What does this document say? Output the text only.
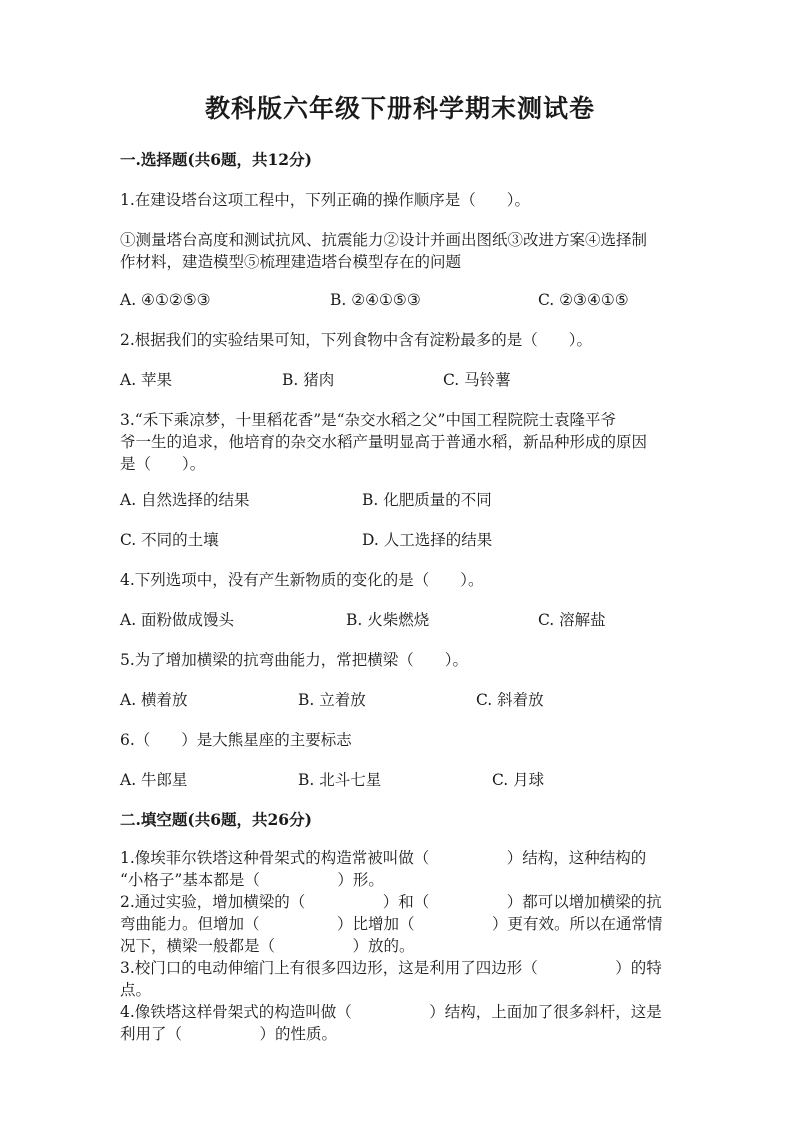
教科版六年级下册科学期末测试卷
一.选择题(共6题，共12分)
1.在建设塔台这项工程中，下列正确的操作顺序是（　　）。
①测量塔台高度和测试抗风、抗震能力②设计并画出图纸③改进方案④选择制
作材料，建造模型⑤梳理建造塔台模型存在的问题
A. ④①②⑤③	B. ②④①⑤③	C. ②③④①⑤
2.根据我们的实验结果可知，下列食物中含有淀粉最多的是（　　）。
A. 苹果	B. 猪肉	C. 马铃薯
3.“禾下乘凉梦，十里稻花香”是“杂交水稻之父”中国工程院院士袁隆平爷
爷一生的追求，他培育的杂交水稻产量明显高于普通水稻，新品种形成的原因
是（　　）。
A. 自然选择的结果	B. 化肥质量的不同
C. 不同的土壤	D. 人工选择的结果
4.下列选项中，没有产生新物质的变化的是（　　）。
A. 面粉做成馒头	B. 火柴燃烧	C. 溶解盐
5.为了增加横梁的抗弯曲能力，常把横梁（　　）。
A. 横着放	B. 立着放	C. 斜着放
6.（　　）是大熊星座的主要标志
A. 牛郎星	B. 北斗七星	C. 月球
二.填空题(共6题，共26分)
1.像埃菲尔铁塔这种骨架式的构造常被叫做（　　　　　）结构，这种结构的
“小格子”基本都是（　　　　　）形。
2.通过实验，增加横梁的（　　　　　）和（　　　　　）都可以增加横梁的抗
弯曲能力。但增加（　　　　　）比增加（　　　　　）更有效。所以在通常情
况下，横梁一般都是（　　　　　）放的。
3.校门口的电动伸缩门上有很多四边形，这是利用了四边形（　　　　　）的特
点。
4.像铁塔这样骨架式的构造叫做（　　　　　）结构，上面加了很多斜杆，这是
利用了（　　　　　）的性质。
